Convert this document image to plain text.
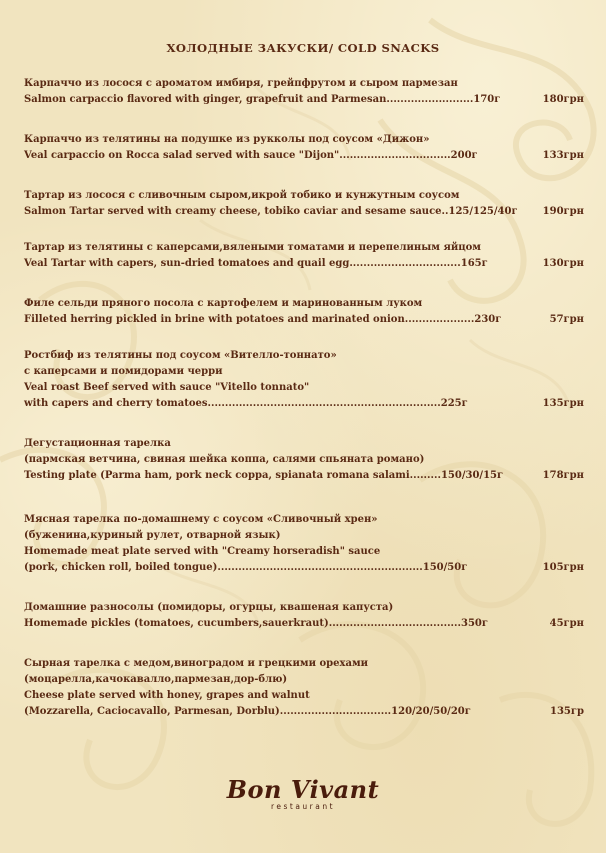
ХОЛОДНЫЕ ЗАКУСКИ/ COLD SNACKS
Карпаччо из лосося с ароматом имбиря, грейпфрутом и сыром пармезан
Salmon carpaccio flavored with ginger, grapefruit and Parmesan.........................170г	180грн
Карпаччо из телятины на подушке из рукколы под соусом «Дижон»
Veal carpaccio on Rocca salad served with sauce "Dijon"................................200г	133грн
Тартар из лосося с сливочным сыром,икрой тобико и кунжутным соусом
Salmon Tartar served with creamy cheese, tobiko caviar and sesame sauce..125/125/40г	190грн
Тартар из телятины с каперсами,вялеными томатами и перепелиным яйцом
Veal Tartar with capers, sun-dried tomatoes and quail egg................................165г	130грн
Филе сельди пряного посола с картофелем и маринованным луком
Filleted herring pickled in brine with potatoes and marinated onion....................230г	57грн
Ростбиф из телятины под соусом «Вителло-тоннато»
с каперсами и помидорами черри
Veal roast Beef served with sauce "Vitello tonnato"
with capers and cherry tomatoes...................................................................225г	135грн
Дегустационная тарелка
(пармская ветчина, свиная шейка коппа, салями спьяната романо)
Testing plate (Parma ham, pork neck coppa, spianata romana salami.........150/30/15г	178грн
Мясная тарелка по-домашнему с соусом «Сливочный хрен»
(буженина,куриный рулет, отварной язык)
Homemade meat plate served with "Creamy horseradish" sauce
(pork, chicken roll, boiled tongue)...........................................................150/50г	105грн
Домашние разносолы (помидоры, огурцы, квашеная капуста)
Homemade pickles (tomatoes, cucumbers,sauerkraut)......................................350г	45грн
Сырная тарелка с медом,виноградом и грецкими орехами
(моцарелла,качокавалло,пармезан,дор-блю)
Cheese plate served with honey, grapes and walnut
(Mozzarella, Caciocavallo, Parmesan, Dorblu)................................120/20/50/20г	135гр
Bon Vivant
restaurant
